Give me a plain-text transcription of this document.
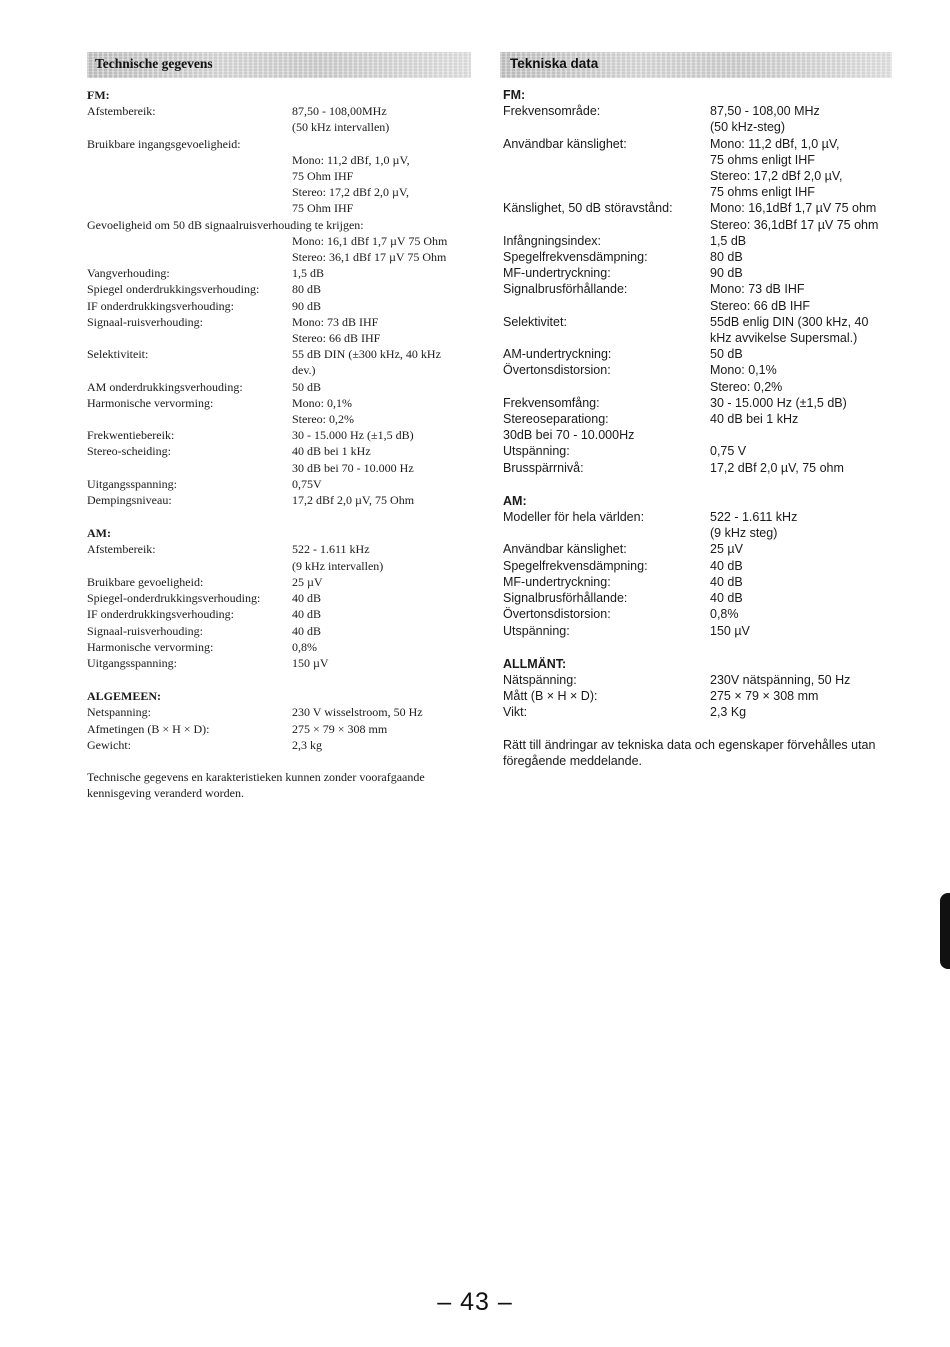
Technische gegevens
FM:
Afstembereik:	87,50 - 108,00MHz
(50 kHz intervallen)
Bruikbare ingangsgevoeligheid:
Mono: 11,2 dBf, 1,0 µV,
75 Ohm IHF
Stereo: 17,2 dBf 2,0 µV,
75 Ohm IHF
Gevoeligheid om 50 dB signaalruisverhouding te krijgen:
Mono: 16,1 dBf 1,7 µV 75 Ohm
Stereo: 36,1 dBf 17 µV 75 Ohm
Vangverhouding:	1,5 dB
Spiegel onderdrukkingsverhouding:	80 dB
IF onderdrukkingsverhouding:	90 dB
Signaal-ruisverhouding:	Mono: 73 dB IHF
Stereo: 66 dB IHF
Selektiviteit:	55 dB DIN (±300 kHz, 40 kHz
dev.)
AM onderdrukkingsverhouding:	50 dB
Harmonische vervorming:	Mono: 0,1%
Stereo: 0,2%
Frekwentiebereik:	30 - 15.000 Hz (±1,5 dB)
Stereo-scheiding:	40 dB bei 1 kHz
30 dB bei 70 - 10.000 Hz
Uitgangsspanning:	0,75V
Dempingsniveau:	17,2 dBf 2,0 µV, 75 Ohm
AM:
Afstembereik:	522 - 1.611 kHz
(9 kHz intervallen)
Bruikbare gevoeligheid:	25 µV
Spiegel-onderdrukkingsverhouding:	40 dB
IF onderdrukkingsverhouding:	40 dB
Signaal-ruisverhouding:	40 dB
Harmonische vervorming:	0,8%
Uitgangsspanning:	150 µV
ALGEMEEN:
Netspanning:	230 V wisselstroom, 50 Hz
Afmetingen (B × H × D):	275 × 79 × 308 mm
Gewicht:	2,3 kg
Technische gegevens en karakteristieken kunnen zonder voorafgaande kennisgeving veranderd worden.
Tekniska data
FM:
Frekvensområde:	87,50 - 108,00 MHz
(50 kHz-steg)
Användbar känslighet:	Mono: 11,2 dBf, 1,0 µV,
75 ohms enligt IHF
Stereo: 17,2 dBf 2,0 µV,
75 ohms enligt IHF
Känslighet, 50 dB störavstånd:	Mono: 16,1dBf 1,7 µV 75 ohm
Stereo: 36,1dBf 17 µV 75 ohm
Infångningsindex:	1,5 dB
Spegelfrekvensdämpning:	80 dB
MF-undertryckning:	90 dB
Signalbrusförhållande:	Mono: 73 dB IHF
Stereo: 66 dB IHF
Selektivitet:	55dB enlig DIN (300 kHz, 40
kHz avvikelse Supersmal.)
AM-undertryckning:	50 dB
Övertonsdistorsion:	Mono: 0,1%
Stereo: 0,2%
Frekvensomfång:	30 - 15.000 Hz (±1,5 dB)
Stereoseparationg:	40 dB bei 1 kHz
30dB bei 70 - 10.000Hz
Utspänning:	0,75 V
Brusspärrnivå:	17,2 dBf 2,0 µV, 75 ohm
AM:
Modeller för hela världen:	522 - 1.611 kHz
(9 kHz steg)
Användbar känslighet:	25 µV
Spegelfrekvensdämpning:	40 dB
MF-undertryckning:	40 dB
Signalbrusförhållande:	40 dB
Övertonsdistorsion:	0,8%
Utspänning:	150 µV
ALLMÄNT:
Nätspänning:	230V nätspänning, 50 Hz
Mått (B × H × D):	275 × 79 × 308 mm
Vikt:	2,3 Kg
Rätt till ändringar av tekniska data och egenskaper förvehålles utan föregående meddelande.
– 43 –
